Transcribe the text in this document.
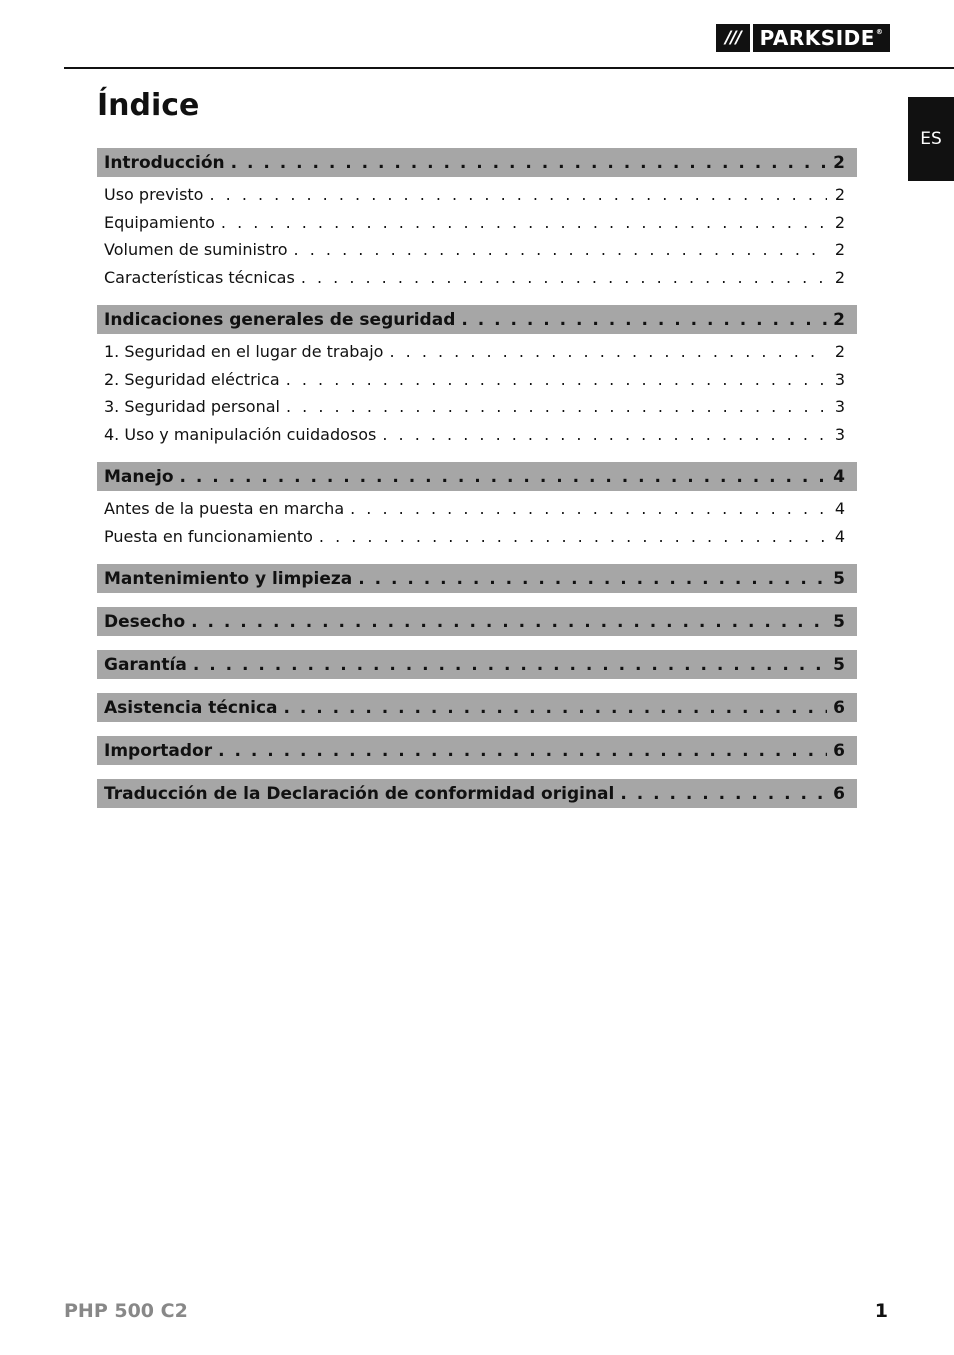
/// PARKSIDE®
ES
Índice
Introducción . . .	2
Uso previsto . . .	2
Equipamiento . . .	2
Volumen de suministro . . .	2
Características técnicas . . .	2
Indicaciones generales de seguridad . . .	2
1. Seguridad en el lugar de trabajo . . .	2
2. Seguridad eléctrica . . .	3
3. Seguridad personal . . .	3
4. Uso y manipulación cuidadosos . . .	3
Manejo . . .	4
Antes de la puesta en marcha . . .	4
Puesta en funcionamiento . . .	4
Mantenimiento y limpieza . . .	5
Desecho . . .	5
Garantía . . .	5
Asistencia técnica . . .	6
Importador . . .	6
Traducción de la Declaración de conformidad original . . .	6
PHP 500 C2	1
